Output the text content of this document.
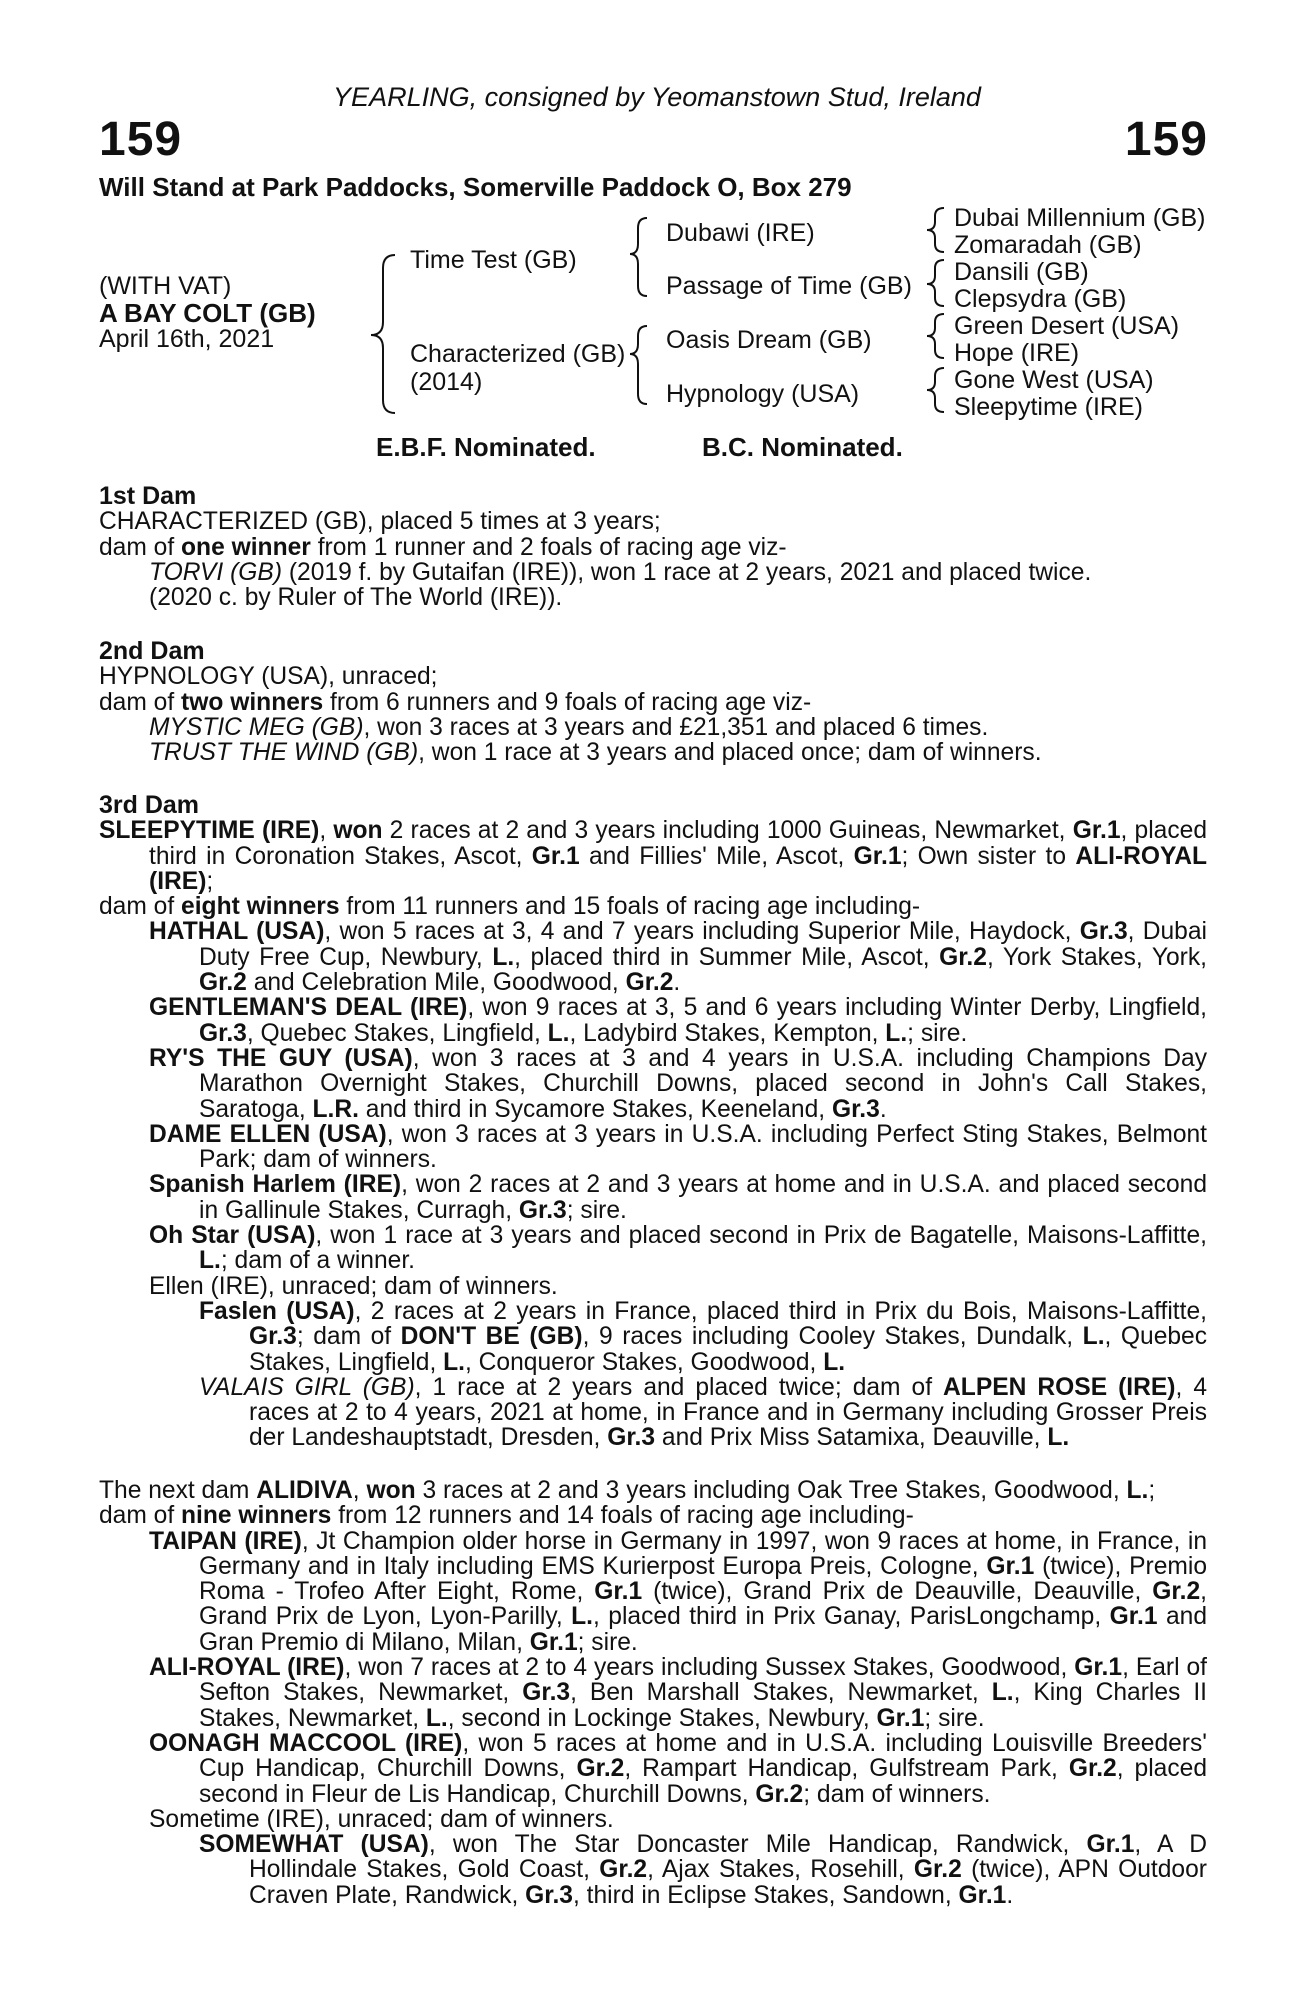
YEARLING, consigned by Yeomanstown Stud, Ireland
159	159
Will Stand at Park Paddocks, Somerville Paddock O, Box 279
(WITH VAT)
A BAY COLT (GB)
April 16th, 2021
Time Test (GB)
Characterized (GB)
(2014)
Dubawi (IRE)
Passage of Time (GB)
Oasis Dream (GB)
Hypnology (USA)
Dubai Millennium (GB)
Zomaradah (GB)
Dansili (GB)
Clepsydra (GB)
Green Desert (USA)
Hope (IRE)
Gone West (USA)
Sleepytime (IRE)
E.B.F. Nominated.	B.C. Nominated.

1st Dam

CHARACTERIZED (GB), placed 5 times at 3 years;

dam of one winner from 1 runner and 2 foals of racing age viz-

TORVI (GB) (2019 f. by Gutaifan (IRE)), won 1 race at 2 years, 2021 and placed twice.

(2020 c. by Ruler of The World (IRE)).

2nd Dam

HYPNOLOGY (USA), unraced;

dam of two winners from 6 runners and 9 foals of racing age viz-

MYSTIC MEG (GB), won 3 races at 3 years and £21,351 and placed 6 times.

TRUST THE WIND (GB), won 1 race at 3 years and placed once; dam of winners.

3rd Dam

SLEEPYTIME (IRE), won 2 races at 2 and 3 years including 1000 Guineas, Newmarket, Gr.1, placed third in Coronation Stakes, Ascot, Gr.1 and Fillies' Mile, Ascot, Gr.1; Own sister to ALI-ROYAL (IRE);

dam of eight winners from 11 runners and 15 foals of racing age including-

HATHAL (USA), won 5 races at 3, 4 and 7 years including Superior Mile, Haydock, Gr.3, Dubai Duty Free Cup, Newbury, L., placed third in Summer Mile, Ascot, Gr.2, York Stakes, York, Gr.2 and Celebration Mile, Goodwood, Gr.2.

GENTLEMAN'S DEAL (IRE), won 9 races at 3, 5 and 6 years including Winter Derby, Lingfield, Gr.3, Quebec Stakes, Lingfield, L., Ladybird Stakes, Kempton, L.; sire.

RY'S THE GUY (USA), won 3 races at 3 and 4 years in U.S.A. including Champions Day Marathon Overnight Stakes, Churchill Downs, placed second in John's Call Stakes, Saratoga, L.R. and third in Sycamore Stakes, Keeneland, Gr.3.

DAME ELLEN (USA), won 3 races at 3 years in U.S.A. including Perfect Sting Stakes, Belmont Park; dam of winners.

Spanish Harlem (IRE), won 2 races at 2 and 3 years at home and in U.S.A. and placed second in Gallinule Stakes, Curragh, Gr.3; sire.

Oh Star (USA), won 1 race at 3 years and placed second in Prix de Bagatelle, Maisons-Laffitte, L.; dam of a winner.

Ellen (IRE), unraced; dam of winners.

Faslen (USA), 2 races at 2 years in France, placed third in Prix du Bois, Maisons-Laffitte, Gr.3; dam of DON'T BE (GB), 9 races including Cooley Stakes, Dundalk, L., Quebec Stakes, Lingfield, L., Conqueror Stakes, Goodwood, L.

VALAIS GIRL (GB), 1 race at 2 years and placed twice; dam of ALPEN ROSE (IRE), 4 races at 2 to 4 years, 2021 at home, in France and in Germany including Grosser Preis der Landeshauptstadt, Dresden, Gr.3 and Prix Miss Satamixa, Deauville, L.

The next dam ALIDIVA, won 3 races at 2 and 3 years including Oak Tree Stakes, Goodwood, L.;

dam of nine winners from 12 runners and 14 foals of racing age including-

TAIPAN (IRE), Jt Champion older horse in Germany in 1997, won 9 races at home, in France, in Germany and in Italy including EMS Kurierpost Europa Preis, Cologne, Gr.1 (twice), Premio Roma - Trofeo After Eight, Rome, Gr.1 (twice), Grand Prix de Deauville, Deauville, Gr.2, Grand Prix de Lyon, Lyon-Parilly, L., placed third in Prix Ganay, ParisLongchamp, Gr.1 and Gran Premio di Milano, Milan, Gr.1; sire.

ALI-ROYAL (IRE), won 7 races at 2 to 4 years including Sussex Stakes, Goodwood, Gr.1, Earl of Sefton Stakes, Newmarket, Gr.3, Ben Marshall Stakes, Newmarket, L., King Charles II Stakes, Newmarket, L., second in Lockinge Stakes, Newbury, Gr.1; sire.

OONAGH MACCOOL (IRE), won 5 races at home and in U.S.A. including Louisville Breeders' Cup Handicap, Churchill Downs, Gr.2, Rampart Handicap, Gulfstream Park, Gr.2, placed second in Fleur de Lis Handicap, Churchill Downs, Gr.2; dam of winners.

Sometime (IRE), unraced; dam of winners.

SOMEWHAT (USA), won The Star Doncaster Mile Handicap, Randwick, Gr.1, A D Hollindale Stakes, Gold Coast, Gr.2, Ajax Stakes, Rosehill, Gr.2 (twice), APN Outdoor Craven Plate, Randwick, Gr.3, third in Eclipse Stakes, Sandown, Gr.1.
